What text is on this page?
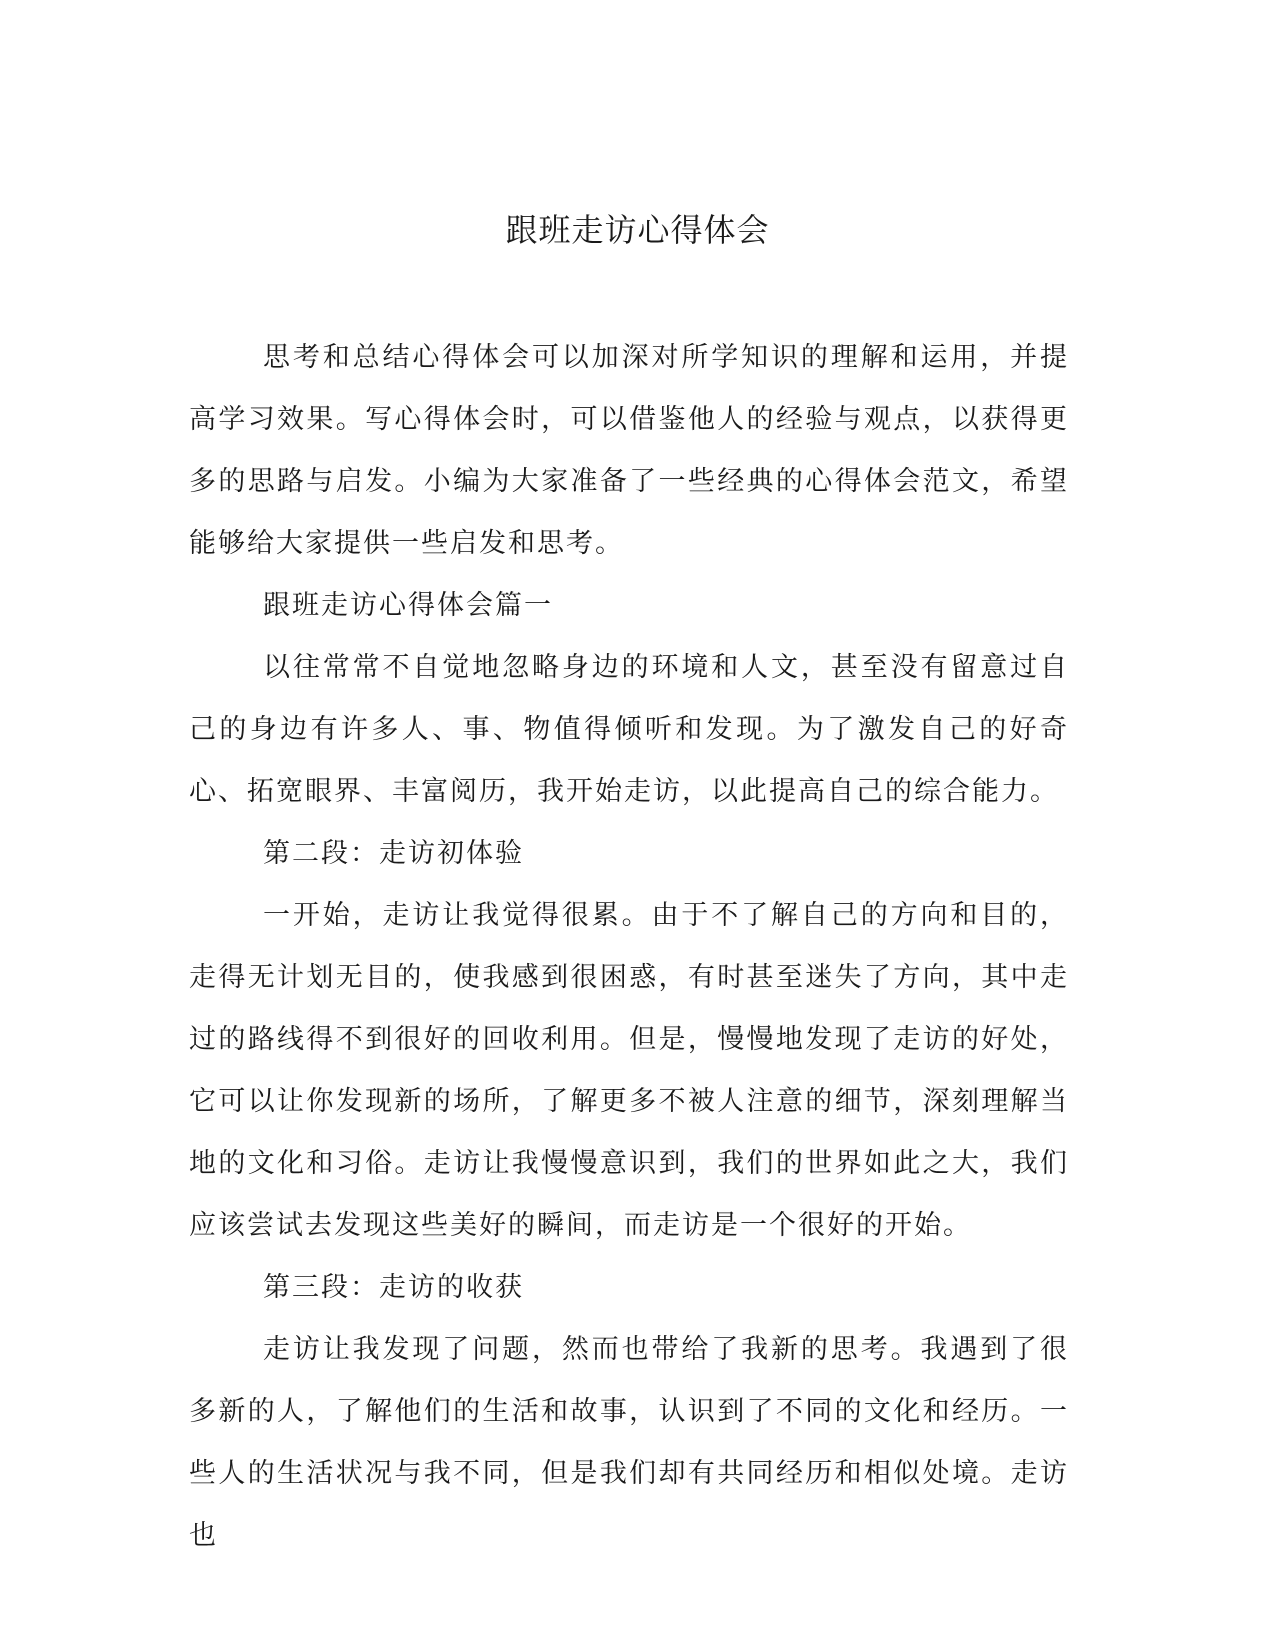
跟班走访心得体会

思考和总结心得体会可以加深对所学知识的理解和运用，并提高学习效果。写心得体会时，可以借鉴他人的经验与观点，以获得更多的思路与启发。小编为大家准备了一些经典的心得体会范文，希望能够给大家提供一些启发和思考。

跟班走访心得体会篇一

以往常常不自觉地忽略身边的环境和人文，甚至没有留意过自己的身边有许多人、事、物值得倾听和发现。为了激发自己的好奇心、拓宽眼界、丰富阅历，我开始走访，以此提高自己的综合能力。

第二段：走访初体验

一开始，走访让我觉得很累。由于不了解自己的方向和目的，走得无计划无目的，使我感到很困惑，有时甚至迷失了方向，其中走过的路线得不到很好的回收利用。但是，慢慢地发现了走访的好处，它可以让你发现新的场所，了解更多不被人注意的细节，深刻理解当地的文化和习俗。走访让我慢慢意识到，我们的世界如此之大，我们应该尝试去发现这些美好的瞬间，而走访是一个很好的开始。

第三段：走访的收获

走访让我发现了问题，然而也带给了我新的思考。我遇到了很多新的人，了解他们的生活和故事，认识到了不同的文化和经历。一些人的生活状况与我不同，但是我们却有共同经历和相似处境。走访也
